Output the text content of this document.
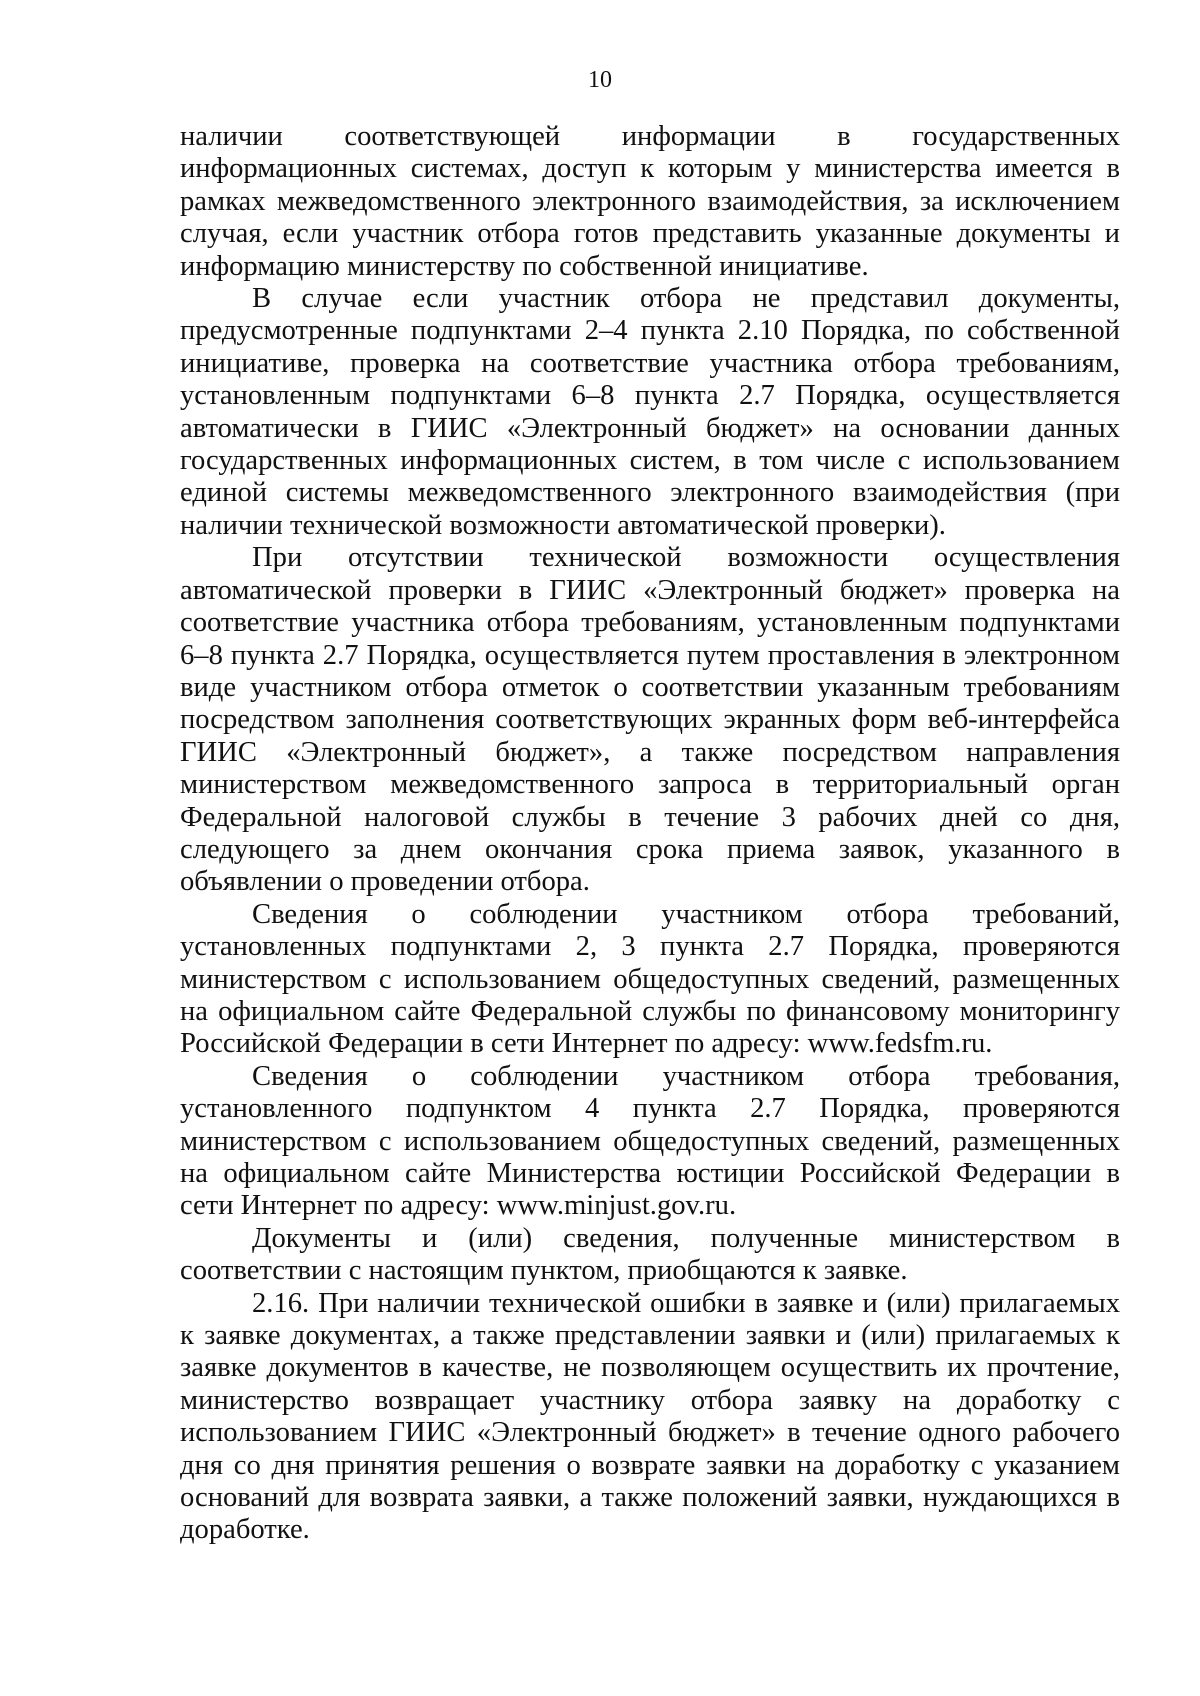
10

наличии соответствующей информации в государственных информационных системах, доступ к которым у министерства имеется в рамках межведомственного электронного взаимодействия, за исключением случая, если участник отбора готов представить указанные документы и информацию министерству по собственной инициативе.

В случае если участник отбора не представил документы, предусмотренные подпунктами 2–4 пункта 2.10 Порядка, по собственной инициативе, проверка на соответствие участника отбора требованиям, установленным подпунктами 6–8 пункта 2.7 Порядка, осуществляется автоматически в ГИИС «Электронный бюджет» на основании данных государственных информационных систем, в том числе с использованием единой системы межведомственного электронного взаимодействия (при наличии технической возможности автоматической проверки).

При отсутствии технической возможности осуществления автоматической проверки в ГИИС «Электронный бюджет» проверка на соответствие участника отбора требованиям, установленным подпунктами 6–8 пункта 2.7 Порядка, осуществляется путем проставления в электронном виде участником отбора отметок о соответствии указанным требованиям посредством заполнения соответствующих экранных форм веб-интерфейса ГИИС «Электронный бюджет», а также посредством направления министерством межведомственного запроса в территориальный орган Федеральной налоговой службы в течение 3 рабочих дней со дня, следующего за днем окончания срока приема заявок, указанного в объявлении о проведении отбора.

Сведения о соблюдении участником отбора требований, установленных подпунктами 2, 3 пункта 2.7 Порядка, проверяются министерством с использованием общедоступных сведений, размещенных на официальном сайте Федеральной службы по финансовому мониторингу Российской Федерации в сети Интернет по адресу: www.fedsfm.ru.

Сведения о соблюдении участником отбора требования, установленного подпунктом 4 пункта 2.7 Порядка, проверяются министерством с использованием общедоступных сведений, размещенных на официальном сайте Министерства юстиции Российской Федерации в сети Интернет по адресу: www.minjust.gov.ru.

Документы и (или) сведения, полученные министерством в соответствии с настоящим пунктом, приобщаются к заявке.

2.16. При наличии технической ошибки в заявке и (или) прилагаемых к заявке документах, а также представлении заявки и (или) прилагаемых к заявке документов в качестве, не позволяющем осуществить их прочтение, министерство возвращает участнику отбора заявку на доработку с использованием ГИИС «Электронный бюджет» в течение одного рабочего дня со дня принятия решения о возврате заявки на доработку с указанием оснований для возврата заявки, а также положений заявки, нуждающихся в доработке.
